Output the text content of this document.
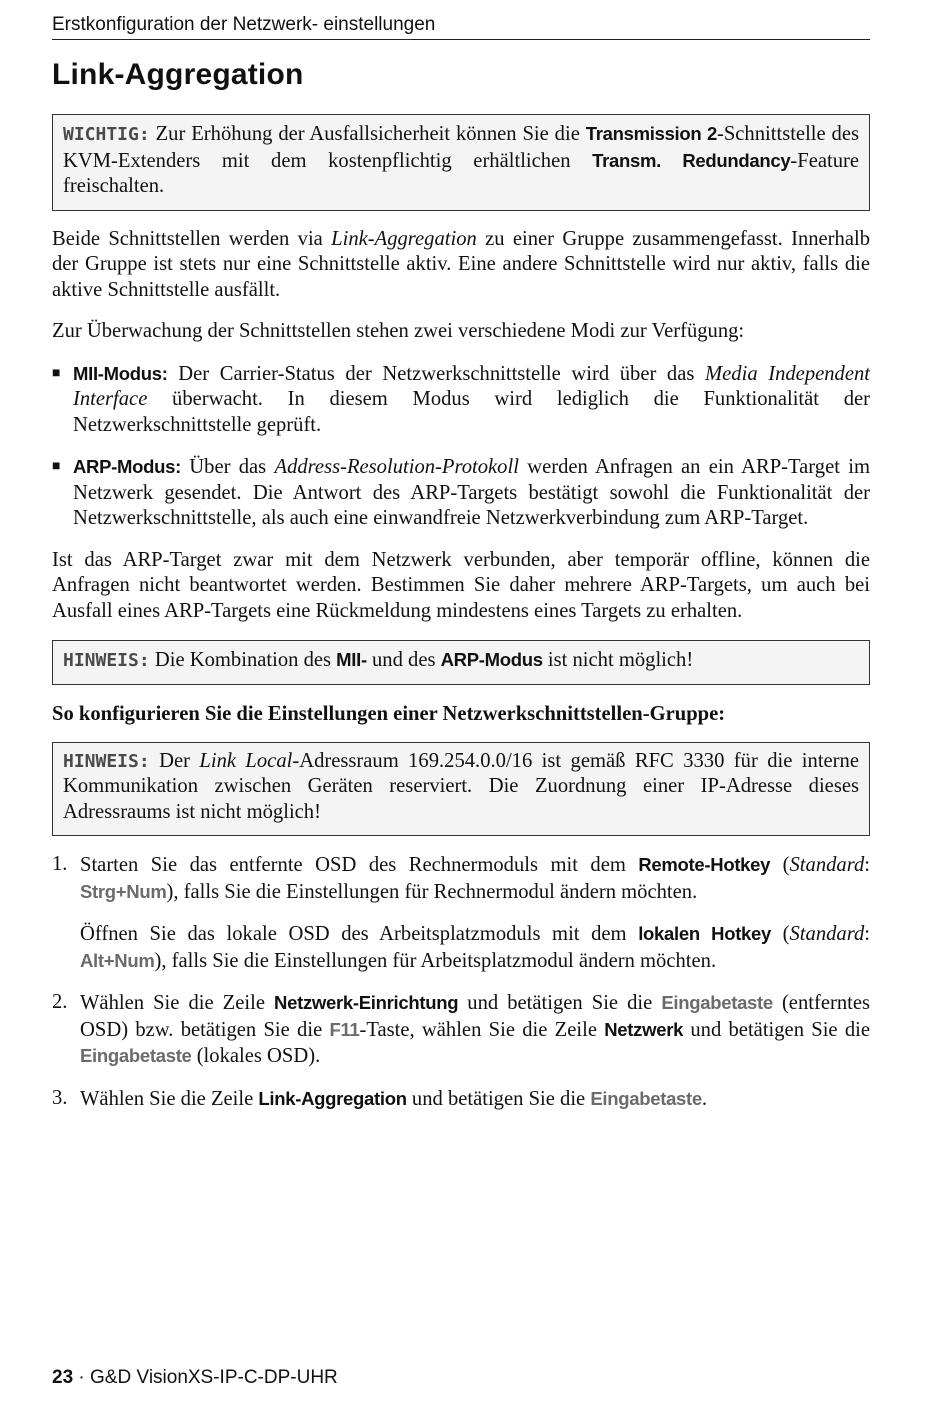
Erstkonfiguration der Netzwerk- einstellungen
Link-Aggregation

WICHTIG: Zur Erhöhung der Ausfallsicherheit können Sie die Transmission 2-Schnittstelle des KVM-Extenders mit dem kostenpflichtig erhältlichen Transm. Redundancy-Feature freischalten.

Beide Schnittstellen werden via Link-Aggregation zu einer Gruppe zusammengefasst. Innerhalb der Gruppe ist stets nur eine Schnittstelle aktiv. Eine andere Schnittstelle wird nur aktiv, falls die aktive Schnittstelle ausfällt.

Zur Überwachung der Schnittstellen stehen zwei verschiedene Modi zur Verfügung:

■ MII-Modus: Der Carrier-Status der Netzwerkschnittstelle wird über das Media Independent Interface überwacht. In diesem Modus wird lediglich die Funktionalität der Netzwerkschnittstelle geprüft.

■ ARP-Modus: Über das Address-Resolution-Protokoll werden Anfragen an ein ARP-Target im Netzwerk gesendet. Die Antwort des ARP-Targets bestätigt sowohl die Funktionalität der Netzwerkschnittstelle, als auch eine einwandfreie Netzwerkverbindung zum ARP-Target.

Ist das ARP-Target zwar mit dem Netzwerk verbunden, aber temporär offline, können die Anfragen nicht beantwortet werden. Bestimmen Sie daher mehrere ARP-Targets, um auch bei Ausfall eines ARP-Targets eine Rückmeldung mindestens eines Targets zu erhalten.

HINWEIS: Die Kombination des MII- und des ARP-Modus ist nicht möglich!

So konfigurieren Sie die Einstellungen einer Netzwerkschnittstellen-Gruppe:

HINWEIS: Der Link Local-Adressraum 169.254.0.0/16 ist gemäß RFC 3330 für die interne Kommunikation zwischen Geräten reserviert. Die Zuordnung einer IP-Adresse dieses Adressraums ist nicht möglich!

1. Starten Sie das entfernte OSD des Rechnermoduls mit dem Remote-Hotkey (Standard: Strg+Num), falls Sie die Einstellungen für Rechnermodul ändern möchten.

Öffnen Sie das lokale OSD des Arbeitsplatzmoduls mit dem lokalen Hotkey (Standard: Alt+Num), falls Sie die Einstellungen für Arbeitsplatzmodul ändern möchten.

2. Wählen Sie die Zeile Netzwerk-Einrichtung und betätigen Sie die Eingabetaste (entferntes OSD) bzw. betätigen Sie die F11-Taste, wählen Sie die Zeile Netzwerk und betätigen Sie die Eingabetaste (lokales OSD).

3. Wählen Sie die Zeile Link-Aggregation und betätigen Sie die Eingabetaste.

23 · G&D VisionXS-IP-C-DP-UHR
